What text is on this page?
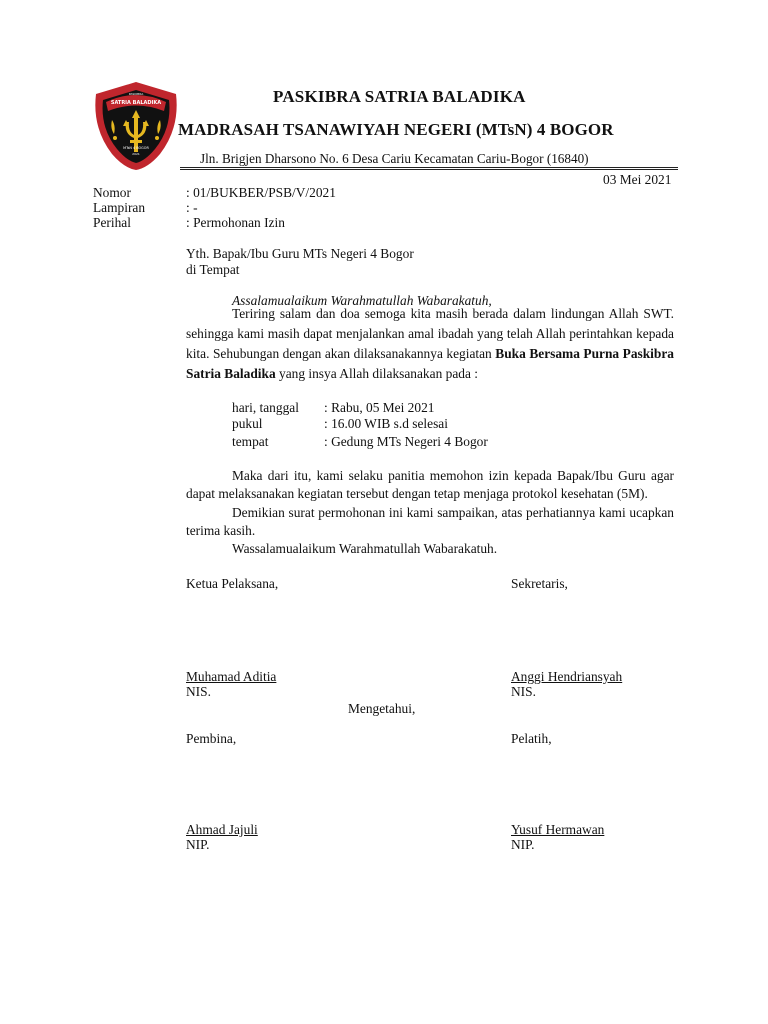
PASKIBRA
SATRIA BALADIKA
MTsN 4 BOGOR
2021
PASKIBRA SATRIA BALADIKA
MADRASAH TSANAWIYAH NEGERI (MTsN) 4 BOGOR
Jln. Brigjen Dharsono No. 6 Desa Cariu Kecamatan Cariu-Bogor (16840)
03 Mei 2021
Nomor	: 01/BUKBER/PSB/V/2021
Lampiran	: -
Perihal	: Permohonan Izin
Yth. Bapak/Ibu Guru MTs Negeri 4 Bogor
di Tempat
Assalamualaikum Warahmatullah Wabarakatuh,
Teriring salam dan doa semoga kita masih berada dalam lindungan Allah SWT. sehingga kami masih dapat menjalankan amal ibadah yang telah Allah perintahkan kepada kita. Sehubungan dengan akan dilaksanakannya kegiatan Buka Bersama Purna Paskibra Satria Baladika yang insya Allah dilaksanakan pada :
hari, tanggal : Rabu, 05 Mei 2021
pukul	: 16.00 WIB s.d selesai
tempat	: Gedung MTs Negeri 4 Bogor
Maka dari itu, kami selaku panitia memohon izin kepada Bapak/Ibu Guru agar dapat melaksanakan kegiatan tersebut dengan tetap menjaga protokol kesehatan (5M).
Demikian surat permohonan ini kami sampaikan, atas perhatiannya kami ucapkan terima kasih.
Wassalamualaikum Warahmatullah Wabarakatuh.
Ketua Pelaksana,	Sekretaris,
Muhamad Aditia	Anggi Hendriansyah
NIS.	NIS.
Mengetahui,
Pembina,	Pelatih,
Ahmad Jajuli	Yusuf Hermawan
NIP.	NIP.
